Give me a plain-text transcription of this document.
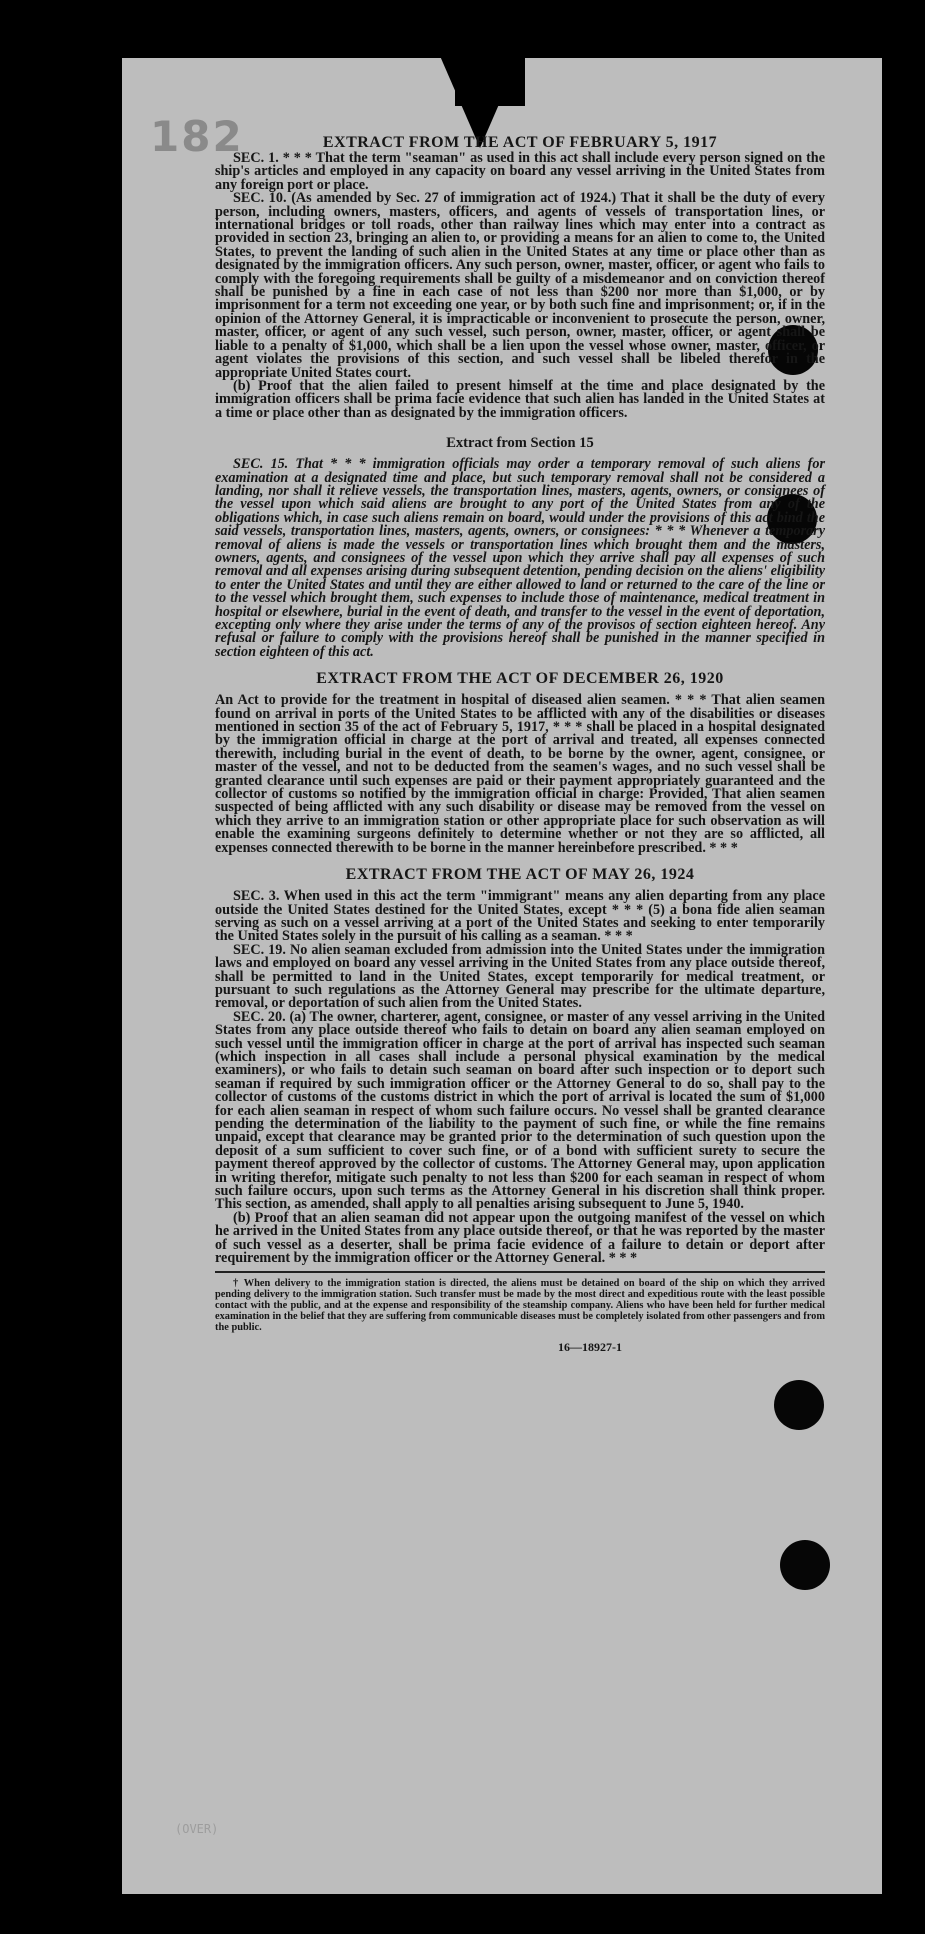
182	EXTRACT FROM THE ACT OF FEBRUARY 5, 1917

SEC. 1. * * * That the term "seaman" as used in this act shall include every person signed on the ship's articles and employed in any capacity on board any vessel arriving in the United States from any foreign port or place.

SEC. 10. (As amended by Sec. 27 of immigration act of 1924.) That it shall be the duty of every person, including owners, masters, officers, and agents of vessels of transportation lines, or international bridges or toll roads, other than railway lines which may enter into a contract as provided in section 23, bringing an alien to, or providing a means for an alien to come to, the United States, to prevent the landing of such alien in the United States at any time or place other than as designated by the immigration officers. Any such person, owner, master, officer, or agent who fails to comply with the foregoing requirements shall be guilty of a misdemeanor and on conviction thereof shall be punished by a fine in each case of not less than $200 nor more than $1,000, or by imprisonment for a term not exceeding one year, or by both such fine and imprisonment; or, if in the opinion of the Attorney General, it is impracticable or inconvenient to prosecute the person, owner, master, officer, or agent of any such vessel, such person, owner, master, officer, or agent shall be liable to a penalty of $1,000, which shall be a lien upon the vessel whose owner, master, officer, or agent violates the provisions of this section, and such vessel shall be libeled therefor in the appropriate United States court.

(b) Proof that the alien failed to present himself at the time and place designated by the immigration officers shall be prima facie evidence that such alien has landed in the United States at a time or place other than as designated by the immigration officers.

Extract from Section 15

SEC. 15. That * * * immigration officials may order a temporary removal of such aliens for examination at a designated time and place, but such temporary removal shall not be considered a landing, nor shall it relieve vessels, the transportation lines, masters, agents, owners, or consignees of the vessel upon which said aliens are brought to any port of the United States from any of the obligations which, in case such aliens remain on board, would under the provisions of this act bind the said vessels, transportation lines, masters, agents, owners, or consignees: * * * Whenever a temporary removal of aliens is made the vessels or transportation lines which brought them and the masters, owners, agents, and consignees of the vessel upon which they arrive shall pay all expenses of such removal and all expenses arising during subsequent detention, pending decision on the aliens' eligibility to enter the United States and until they are either allowed to land or returned to the care of the line or to the vessel which brought them, such expenses to include those of maintenance, medical treatment in hospital or elsewhere, burial in the event of death, and transfer to the vessel in the event of deportation, excepting only where they arise under the terms of any of the provisos of section eighteen hereof. Any refusal or failure to comply with the provisions hereof shall be punished in the manner specified in section eighteen of this act.

EXTRACT FROM THE ACT OF DECEMBER 26, 1920

An Act to provide for the treatment in hospital of diseased alien seamen. * * * That alien seamen found on arrival in ports of the United States to be afflicted with any of the disabilities or diseases mentioned in section 35 of the act of February 5, 1917, * * * shall be placed in a hospital designated by the immigration official in charge at the port of arrival and treated, all expenses connected therewith, including burial in the event of death, to be borne by the owner, agent, consignee, or master of the vessel, and not to be deducted from the seamen's wages, and no such vessel shall be granted clearance until such expenses are paid or their payment appropriately guaranteed and the collector of customs so notified by the immigration official in charge: Provided, That alien seamen suspected of being afflicted with any such disability or disease may be removed from the vessel on which they arrive to an immigration station or other appropriate place for such observation as will enable the examining surgeons definitely to determine whether or not they are so afflicted, all expenses connected therewith to be borne in the manner hereinbefore prescribed. * * *

EXTRACT FROM THE ACT OF MAY 26, 1924

SEC. 3. When used in this act the term "immigrant" means any alien departing from any place outside the United States destined for the United States, except * * * (5) a bona fide alien seaman serving as such on a vessel arriving at a port of the United States and seeking to enter temporarily the United States solely in the pursuit of his calling as a seaman. * * *

SEC. 19. No alien seaman excluded from admission into the United States under the immigration laws and employed on board any vessel arriving in the United States from any place outside thereof, shall be permitted to land in the United States, except temporarily for medical treatment, or pursuant to such regulations as the Attorney General may prescribe for the ultimate departure, removal, or deportation of such alien from the United States.

SEC. 20. (a) The owner, charterer, agent, consignee, or master of any vessel arriving in the United States from any place outside thereof who fails to detain on board any alien seaman employed on such vessel until the immigration officer in charge at the port of arrival has inspected such seaman (which inspection in all cases shall include a personal physical examination by the medical examiners), or who fails to detain such seaman on board after such inspection or to deport such seaman if required by such immigration officer or the Attorney General to do so, shall pay to the collector of customs of the customs district in which the port of arrival is located the sum of $1,000 for each alien seaman in respect of whom such failure occurs. No vessel shall be granted clearance pending the determination of the liability to the payment of such fine, or while the fine remains unpaid, except that clearance may be granted prior to the determination of such question upon the deposit of a sum sufficient to cover such fine, or of a bond with sufficient surety to secure the payment thereof approved by the collector of customs. The Attorney General may, upon application in writing therefor, mitigate such penalty to not less than $200 for each seaman in respect of whom such failure occurs, upon such terms as the Attorney General in his discretion shall think proper. This section, as amended, shall apply to all penalties arising subsequent to June 5, 1940.

(b) Proof that an alien seaman did not appear upon the outgoing manifest of the vessel on which he arrived in the United States from any place outside thereof, or that he was reported by the master of such vessel as a deserter, shall be prima facie evidence of a failure to detain or deport after requirement by the immigration officer or the Attorney General. * * *

† When delivery to the immigration station is directed, the aliens must be detained on board of the ship on which they arrived pending delivery to the immigration station. Such transfer must be made by the most direct and expeditious route with the least possible contact with the public, and at the expense and responsibility of the steamship company. Aliens who have been held for further medical examination in the belief that they are suffering from communicable diseases must be completely isolated from other passengers and from the public.

16—18927-1
(OVER)
